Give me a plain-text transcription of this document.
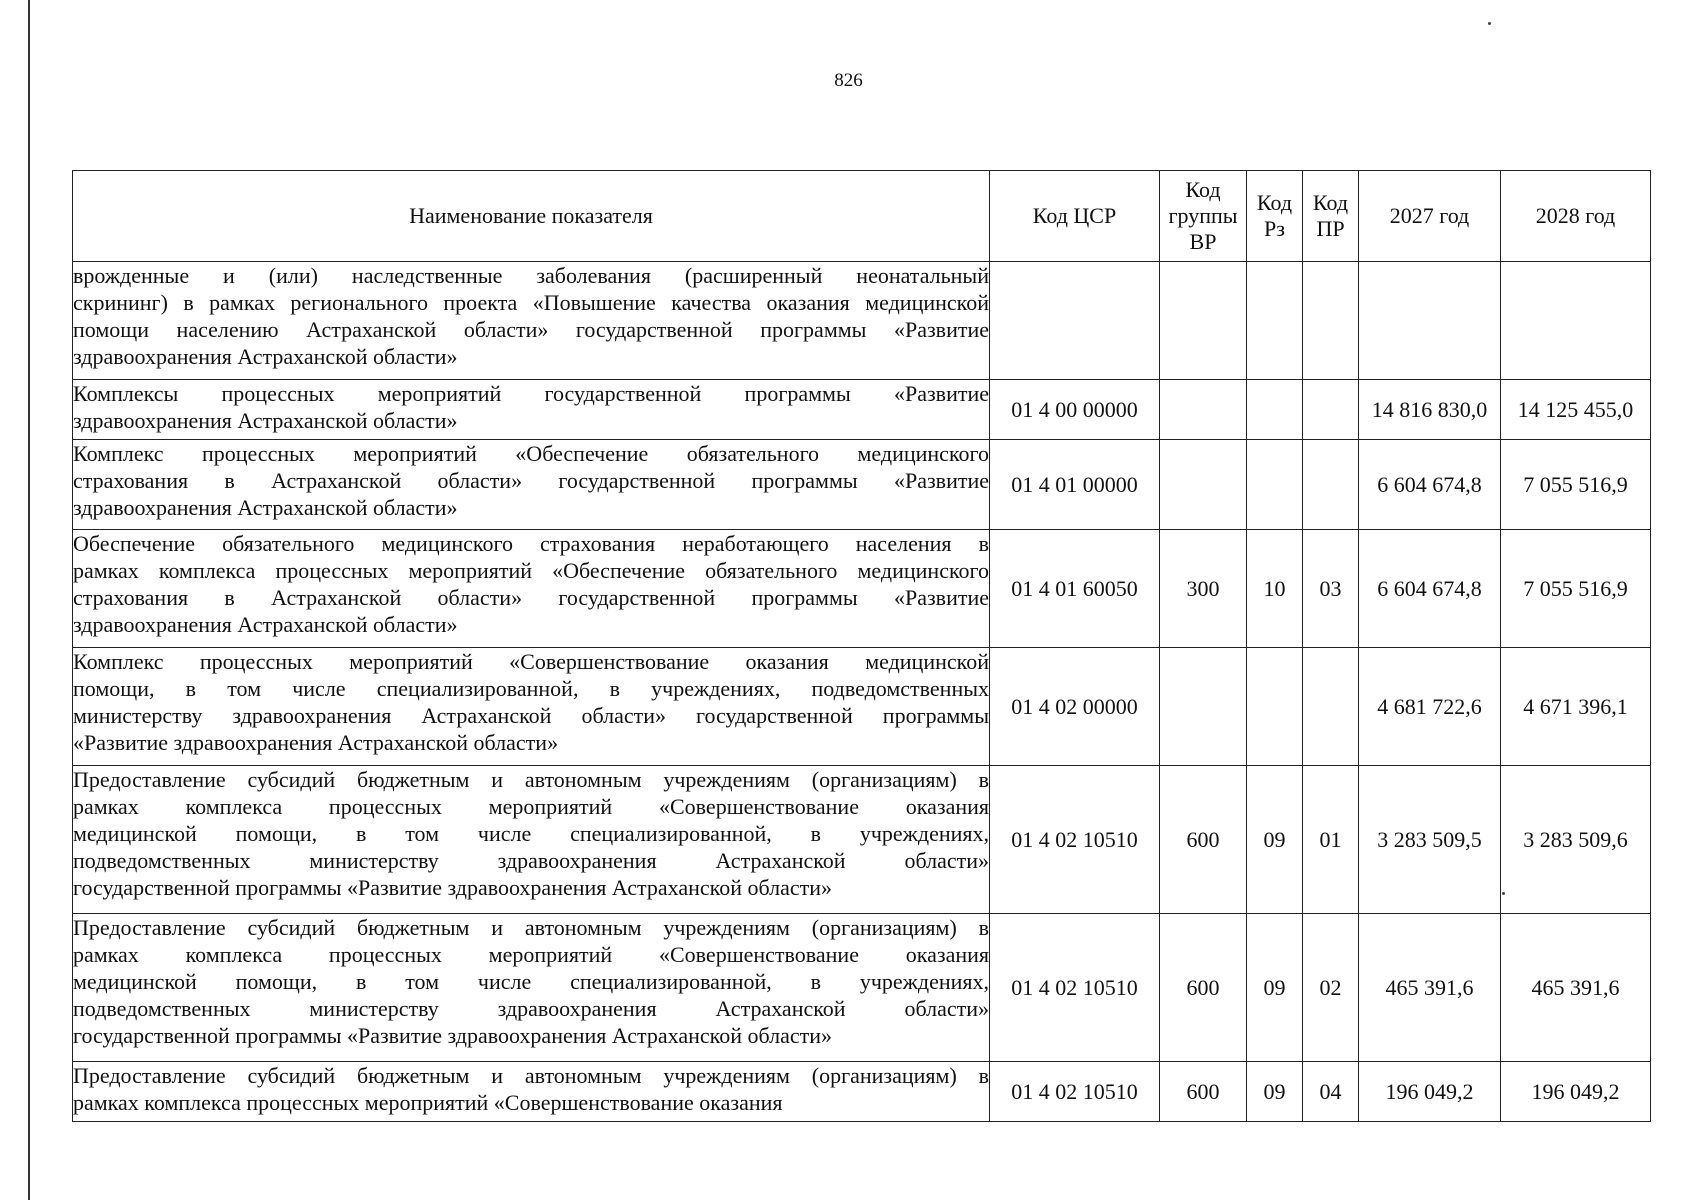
826
Наименование показателя	Код ЦСР	Код группы ВР	Код Рз	Код ПР	2027 год	2028 год

врожденные и (или) наследственные заболевания (расширенный неонатальный
скрининг) в рамках регионального проекта «Повышение качества оказания медицинской
помощи населению Астраханской области» государственной программы «Развитие
здравоохранения Астраханской области»						

Комплексы процессных мероприятий государственной программы «Развитие
здравоохранения Астраханской области»	01 4 00 00000				14 816 830,0	14 125 455,0

Комплекс процессных мероприятий «Обеспечение обязательного медицинского
страхования в Астраханской области» государственной программы «Развитие
здравоохранения Астраханской области»	01 4 01 00000				6 604 674,8	7 055 516,9

Обеспечение обязательного медицинского страхования неработающего населения в
рамках комплекса процессных мероприятий «Обеспечение обязательного медицинского
страхования в Астраханской области» государственной программы «Развитие
здравоохранения Астраханской области»	01 4 01 60050	300	10	03	6 604 674,8	7 055 516,9

Комплекс процессных мероприятий «Совершенствование оказания медицинской
помощи, в том числе специализированной, в учреждениях, подведомственных
министерству здравоохранения Астраханской области» государственной программы
«Развитие здравоохранения Астраханской области»	01 4 02 00000				4 681 722,6	4 671 396,1

Предоставление субсидий бюджетным и автономным учреждениям (организациям) в
рамках комплекса процессных мероприятий «Совершенствование оказания
медицинской помощи, в том числе специализированной, в учреждениях,
подведомственных министерству здравоохранения Астраханской области»
государственной программы «Развитие здравоохранения Астраханской области»	01 4 02 10510	600	09	01	3 283 509,5	3 283 509,6

Предоставление субсидий бюджетным и автономным учреждениям (организациям) в
рамках комплекса процессных мероприятий «Совершенствование оказания
медицинской помощи, в том числе специализированной, в учреждениях,
подведомственных министерству здравоохранения Астраханской области»
государственной программы «Развитие здравоохранения Астраханской области»	01 4 02 10510	600	09	02	465 391,6	465 391,6

Предоставление субсидий бюджетным и автономным учреждениям (организациям) в
рамках комплекса процессных мероприятий «Совершенствование оказания	01 4 02 10510	600	09	04	196 049,2	196 049,2
